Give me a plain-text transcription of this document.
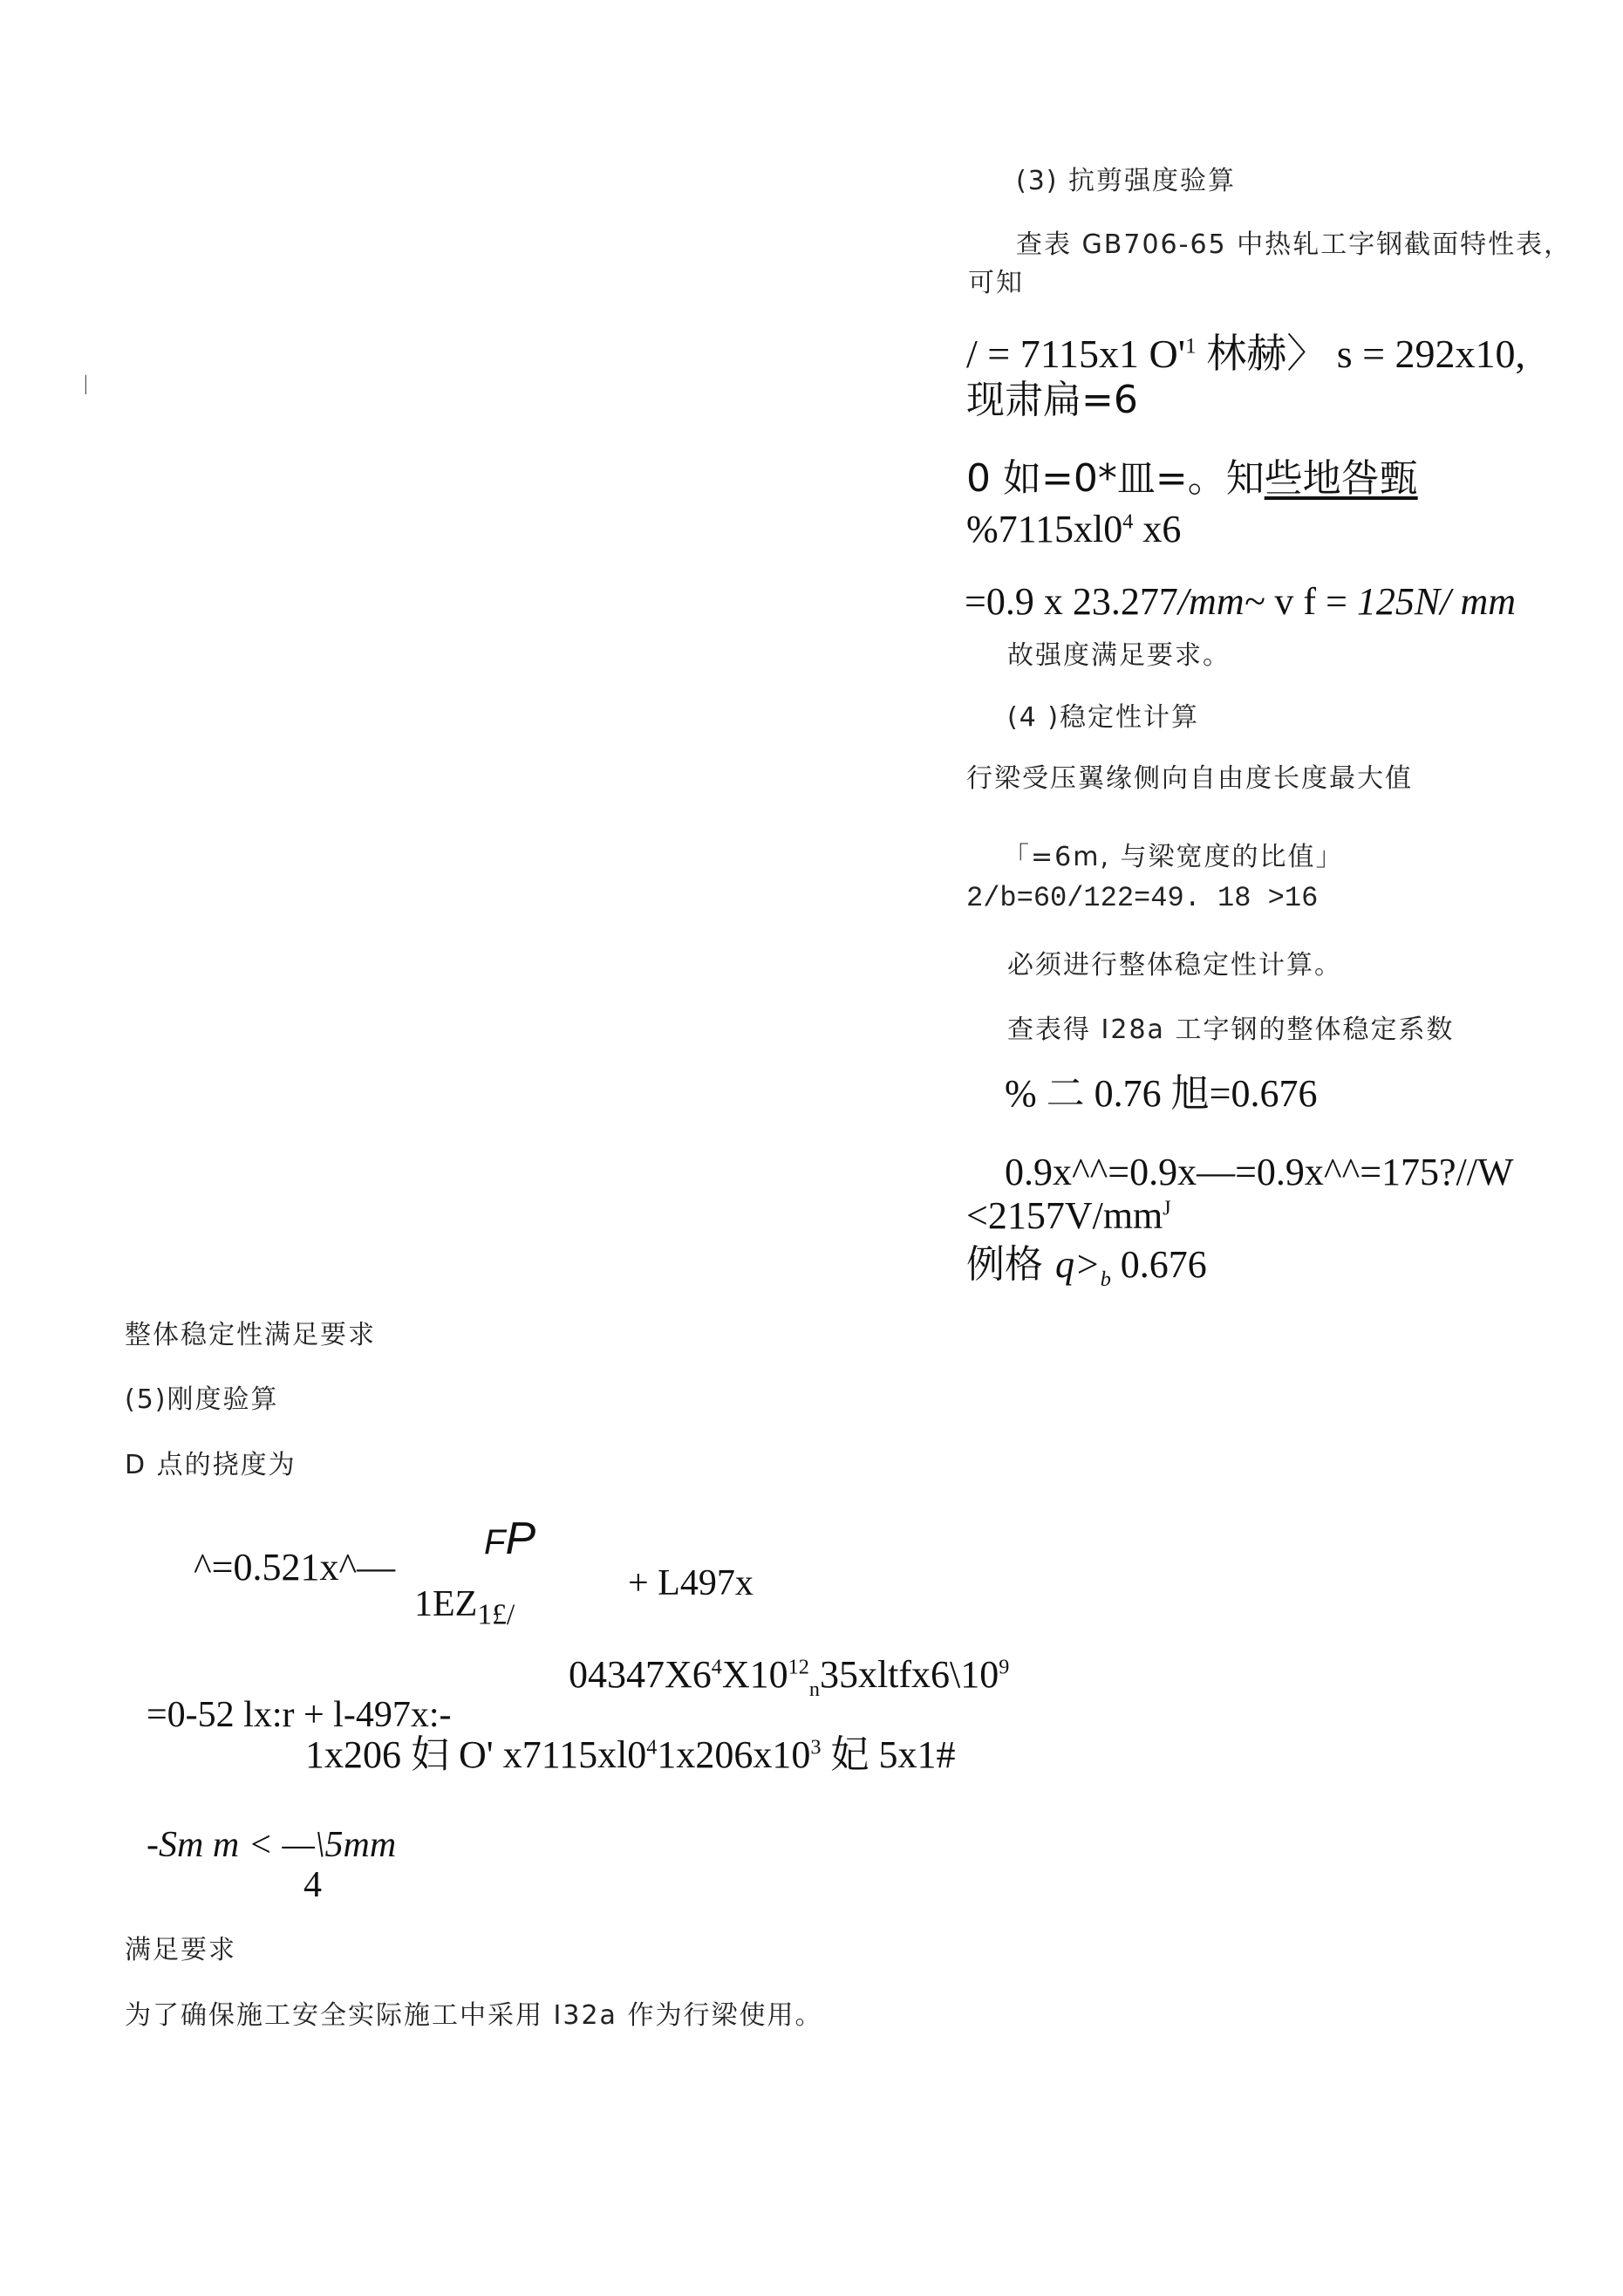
|
(3) 抗剪强度验算
查表 GB706-65 中热轧工字钢截面特性表，
可知
/ = 7115x1 $O'^1$ 林赫〉 s = 292x10,
现肃扁=6
0 如=0*皿=。知些地咎甄
$\%7115xl0^4$ x6
=0.9 x 23.277/mm~ v f = 125N/ mm
故强度满足要求。
(4 )稳定性计算
行梁受压翼缘侧向自由度长度最大值
「=6m, 与梁宽度的比值」
2/b=60/122=49. 18 >16
必须进行整体稳定性计算。
查表得 I28a 工字钢的整体稳定系数
% 二 0.76 旭=0.676
0.9x^^=0.9x—=0.9x^^=175?//W
$<2157V/mm^J$
例格 $q>_b$ 0.676
整体稳定性满足要求
(5)刚度验算
D 点的挠度为
^=0.521x^—
FP
$1EZ_{1£/}$
+ L497x
$04347X6^4X10^{12}_n35xltfx6\backslash 10^9$
=0-52 lx:r + l-497x:-
1x206 妇 O' $x7115xl0^41x206x10^3$ 妃 5x1#
-Sm m < —\5mm
4
满足要求
为了确保施工安全实际施工中采用 I32a 作为行梁使用。
